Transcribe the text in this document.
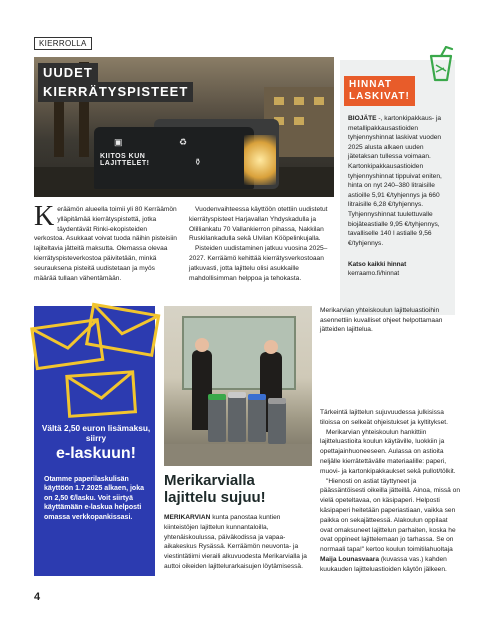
KIERROLLA
♻
⚱
▣
KIITOS KUN
LAJITTELET!
UUDET
KIERRÄTYSPISTEET	HINNAT
LASKIVAT!
BIOJÄTE -, kartonkipakkaus- ja metallipakkausastioiden tyhjennyshinnat laskivat vuoden 2025 alusta alkaen uuden jätetaksan tullessa voimaan. Kartonkipakkausastioiden tyhjennyshinnat tippuivat eniten, hinta on nyt 240–380 litraisille astioille 5,91 €/tyhjennys ja 660 litraisille 6,28 €/tyhjennys. Tyhjennyshinnat tuulettuvalle biojäteastialle 9,95 €/tyhjennys, tavalliselle 140 l astialle 9,56 €/tyhjennys.
Katso kaikki hinnat
kerraamo.fi/hinnat
Keräämön alueella toimii yli 80 Kerräämön ylläpitämää kierrätyspistettä, jotka täydentävät Rinki-ekopisteiden verkostoa. Asukkaat voivat tuoda näihin pisteisiin lajiteltavia jätteitä maksutta. Olemassa olevaa kierrätyspisteverkostoa päivitetään, minkä seurauksena pisteitä uudistetaan ja myös määrää tullaan vähentämään.
Vuodenvaihteessa käyttöön otettiin uudistetut kierrätyspisteet Harjavallan Yhdyskadulla ja Olilliankatu 70 Vallankierron pihassa, Nakkilan Ruskilankadulla sekä Ulvilan Kööpelinkujalla.
Pisteiden uudistaminen jatkuu vuosina 2025–2027. Kerräämö kehittää kierrätysverkostoaan jatkuvasti, jotta lajittelu olisi asukkaille mahdollisimman helppoa ja tehokasta.
Vältä 2,50 euron lisämaksu, siirry
e-laskuun!
Otamme paperilaskulisän käyttöön 1.7.2025 alkaen, joka on 2,50 €/lasku. Voit siirtyä käyttämään e-laskua helposti omassa verkkopankissasi.
Merikarvian yhteiskoulun lajitteluastioihin asennettiin kuvalliset ohjeet helpottamaan jätteiden lajittelua.
Merikarvialla
lajittelu sujuu!
MERIKARVIAN kunta panostaa kuntien kiinteistöjen lajittelun kunnantaloilla, yhtenäiskoulussa, päiväkodissa ja vapaa-aikakeskus Rysässä. Kerräämön neuvonta- ja viestintätiimi vieraili alkuvuodesta Merikarvialla ja auttoi oikeiden lajittelurarkaisujen löytämisessä.
Tärkeintä lajittelun sujuvuudessa julkisissa tiloissa on selkeät ohjeistukset ja kyltitykset.
Merikarvian yhteiskoulun hankittiin lajitteluastioita koulun käytäville, luokkiin ja opettajainhuoneeseen. Aulassa on astioita neljälle kierrätettävälle materiaalille: paperi, muovi- ja kartonkipakkaukset sekä pullot/tölkit.
"Hienosti on astiat täyttyneet ja päässäntöisesti oikeilla jätteillä. Ainoa, missä on vielä opeteltavaa, on käsipaperi. Helposti käsipaperi heitetään paperiastiaan, vaikka sen paikka on sekajätteessä. Alakoulun oppilaat ovat omaksuneet lajittelun parhaiten, koska he ovat oppineet lajittelemaan jo tarhassa. Se on normaali tapa!" kertoo koulun toimitilahuoltaja Maija Lounasvaara (kuvassa vas.) kahden kuukauden lajitteluastioiden käytön jälkeen.
4
